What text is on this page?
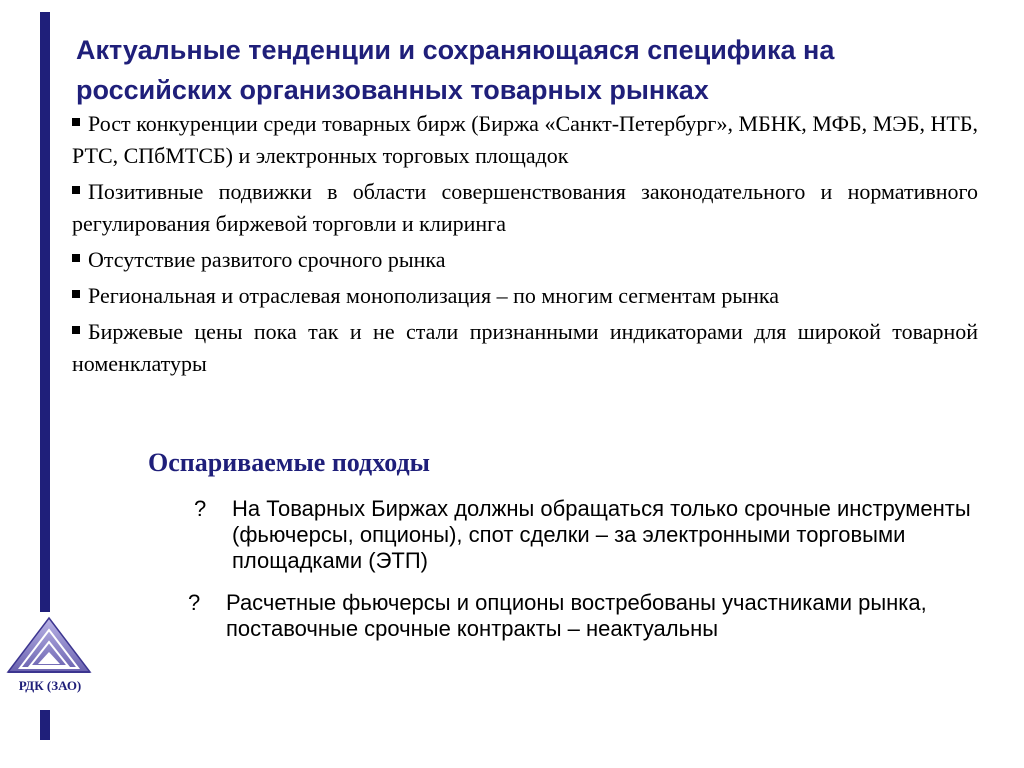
РДК (ЗАО)
Актуальные тенденции и сохраняющаяся специфика на российских организованных товарных рынках
Рост конкуренции среди товарных бирж (Биржа «Санкт-Петербург», МБНК, МФБ, МЭБ, НТБ, РТС, СПбМТСБ) и электронных торговых площадок
Позитивные подвижки в области совершенствования законодательного и нормативного регулирования биржевой торговли и клиринга
Отсутствие развитого срочного рынка
Региональная и отраслевая монополизация – по многим сегментам рынка
Биржевые цены пока так и не стали признанными индикаторами для широкой товарной номенклатуры
Оспариваемые подходы
? На Товарных Биржах должны обращаться только срочные инструменты (фьючерсы, опционы), спот сделки – за электронными торговыми площадками (ЭТП)
? Расчетные фьючерсы и опционы востребованы участниками рынка, поставочные срочные контракты – неактуальны
